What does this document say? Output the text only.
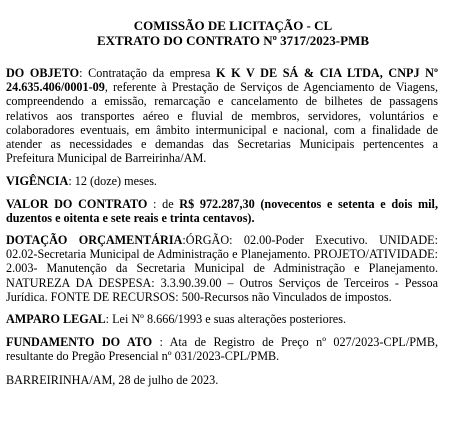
COMISSÃO DE LICITAÇÃO - CL
EXTRATO DO CONTRATO Nº 3717/2023-PMB

DO OBJETO: Contratação da empresa K K V DE SÁ & CIA LTDA, CNPJ Nº 24.635.406/0001-09, referente à Prestação de Serviços de Agenciamento de Viagens, compreendendo a emissão, remarcação e cancelamento de bilhetes de passagens relativos aos transportes aéreo e fluvial de membros, servidores, voluntários e colaboradores eventuais, em âmbito intermunicipal e nacional, com a finalidade de atender as necessidades e demandas das Secretarias Municipais pertencentes a Prefeitura Municipal de Barreirinha/AM.

VIGÊNCIA: 12 (doze) meses.

VALOR DO CONTRATO : de R$ 972.287,30 (novecentos e setenta e dois mil, duzentos e oitenta e sete reais e trinta centavos).

DOTAÇÃO ORÇAMENTÁRIA:ÓRGÃO: 02.00-Poder Executivo. UNIDADE: 02.02-Secretaria Municipal de Administração e Planejamento. PROJETO/ATIVIDADE: 2.003- Manutenção da Secretaria Municipal de Administração e Planejamento. NATUREZA DA DESPESA: 3.3.90.39.00 – Outros Serviços de Terceiros - Pessoa Jurídica. FONTE DE RECURSOS: 500-Recursos não Vinculados de impostos.

AMPARO LEGAL: Lei Nº 8.666/1993 e suas alterações posteriores.

FUNDAMENTO DO ATO : Ata de Registro de Preço nº 027/2023-CPL/PMB, resultante do Pregão Presencial nº 031/2023-CPL/PMB.

BARREIRINHA/AM, 28 de julho de 2023.
